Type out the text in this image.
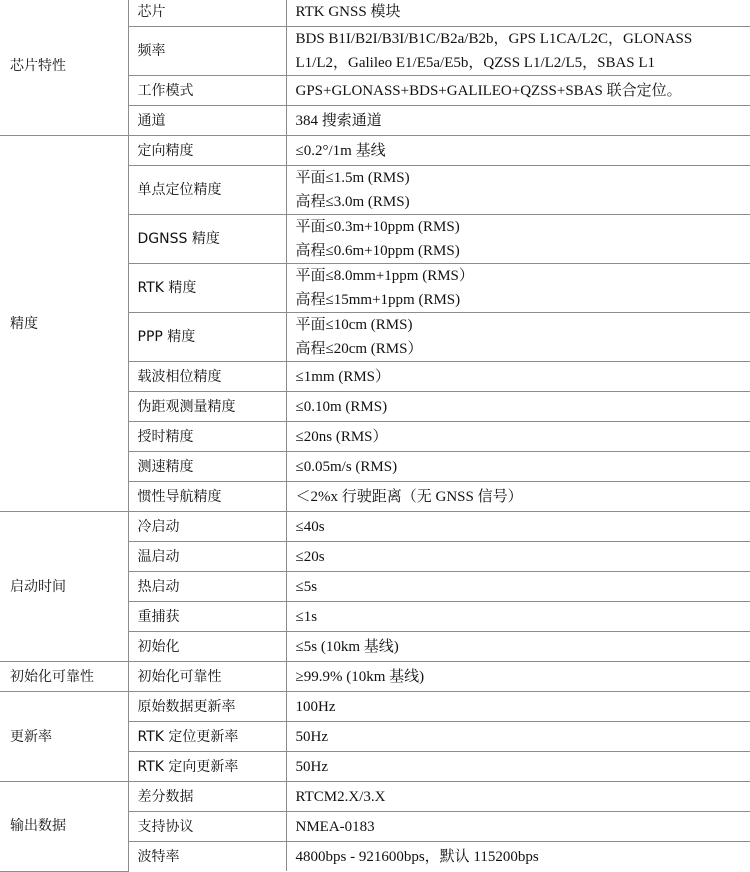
芯片特性	芯片	RTK GNSS 模块

	频率	BDS B1I/B2I/B3I/B1C/B2a/B2b，GPS L1CA/L2C，GLONASS
L1/L2，Galileo E1/E5a/E5b，QZSS L1/L2/L5，SBAS L1

	工作模式	GPS+GLONASS+BDS+GALILEO+QZSS+SBAS 联合定位。

	通道	384 搜索通道

精度	定向精度	≤0.2°/1m 基线

	单点定位精度	平面≤1.5m (RMS)
高程≤3.0m (RMS)

	DGNSS 精度	平面≤0.3m+10ppm (RMS)
高程≤0.6m+10ppm (RMS)

	RTK 精度	平面≤8.0mm+1ppm (RMS）
高程≤15mm+1ppm (RMS)

	PPP 精度	平面≤10cm (RMS)
高程≤20cm (RMS）

	载波相位精度	≤1mm (RMS）

	伪距观测量精度	≤0.10m (RMS)

	授时精度	≤20ns (RMS）

	测速精度	≤0.05m/s (RMS)

	惯性导航精度	＜2%x 行驶距离（无 GNSS 信号）

启动时间	冷启动	≤40s

	温启动	≤20s

	热启动	≤5s

	重捕获	≤1s

	初始化	≤5s (10km 基线)

初始化可靠性	初始化可靠性	≥99.9% (10km 基线)

更新率	原始数据更新率	100Hz

	RTK 定位更新率	50Hz

	RTK 定向更新率	50Hz

输出数据	差分数据	RTCM2.X/3.X

	支持协议	NMEA-0183

	波特率	4800bps - 921600bps，默认 115200bps
